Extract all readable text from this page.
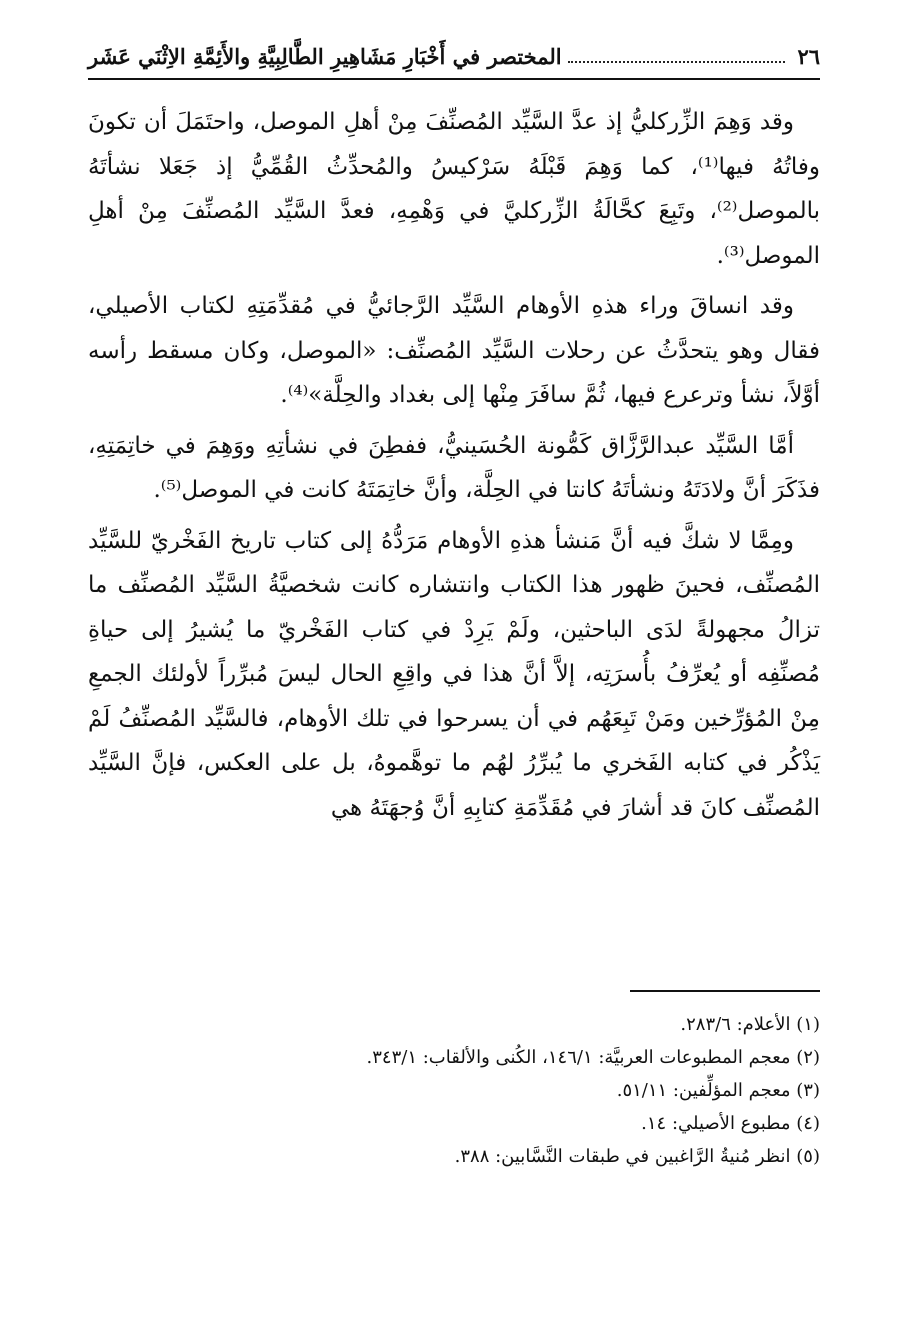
٢٦
المختصر في أَخْبَارِ مَشَاهِيرِ الطَّالِبِيَّةِ والأَئِمَّةِ الاِثْنَي عَشَر

وقد وَهِمَ الزِّركليُّ إذ عدَّ السَّيِّد المُصنِّفَ مِنْ أهلِ الموصل، واحتَمَلَ أن تكونَ وفاتُهُ فيها⁽¹⁾، كما وَهِمَ قَبْلَهُ سَرْكيسُ والمُحدِّثُ القُمِّيُّ إذ جَعَلا نشأتَهُ بالموصل⁽²⁾، وتَبِعَ كحَّالَةُ الزِّركليَّ في وَهْمِهِ، فعدَّ السَّيِّد المُصنِّفَ مِنْ أهلِ الموصل⁽³⁾.

وقد انساقَ وراء هذهِ الأوهام السَّيِّد الرَّجائيُّ في مُقدِّمَتِهِ لكتاب الأصيلي، فقال وهو يتحدَّثُ عن رحلات السَّيِّد المُصنِّف: «الموصل، وكان مسقط رأسه أوَّلاً، نشأ وترعرع فيها، ثُمَّ سافَرَ مِنْها إلى بغداد والحِلَّة»⁽⁴⁾.

أمَّا السَّيِّد عبدالرَّزَّاق كَمُّونة الحُسَينيُّ، ففطِنَ في نشأتِهِ ووَهِمَ في خاتِمَتِهِ، فذَكَرَ أنَّ ولادَتَهُ ونشأتَهُ كانتا في الحِلَّة، وأنَّ خاتِمَتَهُ كانت في الموصل⁽⁵⁾.

ومِمَّا لا شكَّ فيه أنَّ مَنشأ هذهِ الأوهام مَرَدُّهُ إلى كتاب تاريخ الفَخْريّ للسَّيِّد المُصنِّف، فحينَ ظهور هذا الكتاب وانتشاره كانت شخصيَّةُ السَّيِّد المُصنِّف ما تزالُ مجهولةً لدَى الباحثين، ولَمْ يَرِدْ في كتاب الفَخْريّ ما يُشيرُ إلى حياةِ مُصنِّفِه أو يُعرِّفُ بأُسرَتِه، إلاَّ أنَّ هذا في واقِعِ الحال ليسَ مُبرِّراً لأولئك الجمعِ مِنْ المُؤرِّخين ومَنْ تَبِعَهُم في أن يسرحوا في تلك الأوهام، فالسَّيِّد المُصنِّفُ لَمْ يَذْكُر في كتابه الفَخري ما يُبرِّرُ لهُم ما توهَّموهُ، بل على العكس، فإنَّ السَّيِّد المُصنِّف كانَ قد أشارَ في مُقَدِّمَةِ كتابِهِ أنَّ وُجهَتَهُ هي

(١) الأعلام: ٢٨٣/٦.
(٢) معجم المطبوعات العربيَّة: ١٤٦/١، الكُنى والألقاب: ٣٤٣/١.
(٣) معجم المؤلِّفين: ٥١/١١.
(٤) مطبوع الأصيلي: ١٤.
(٥) انظر مُنيةُ الرَّاغبين في طبقات النَّسَّابين: ٣٨٨.
